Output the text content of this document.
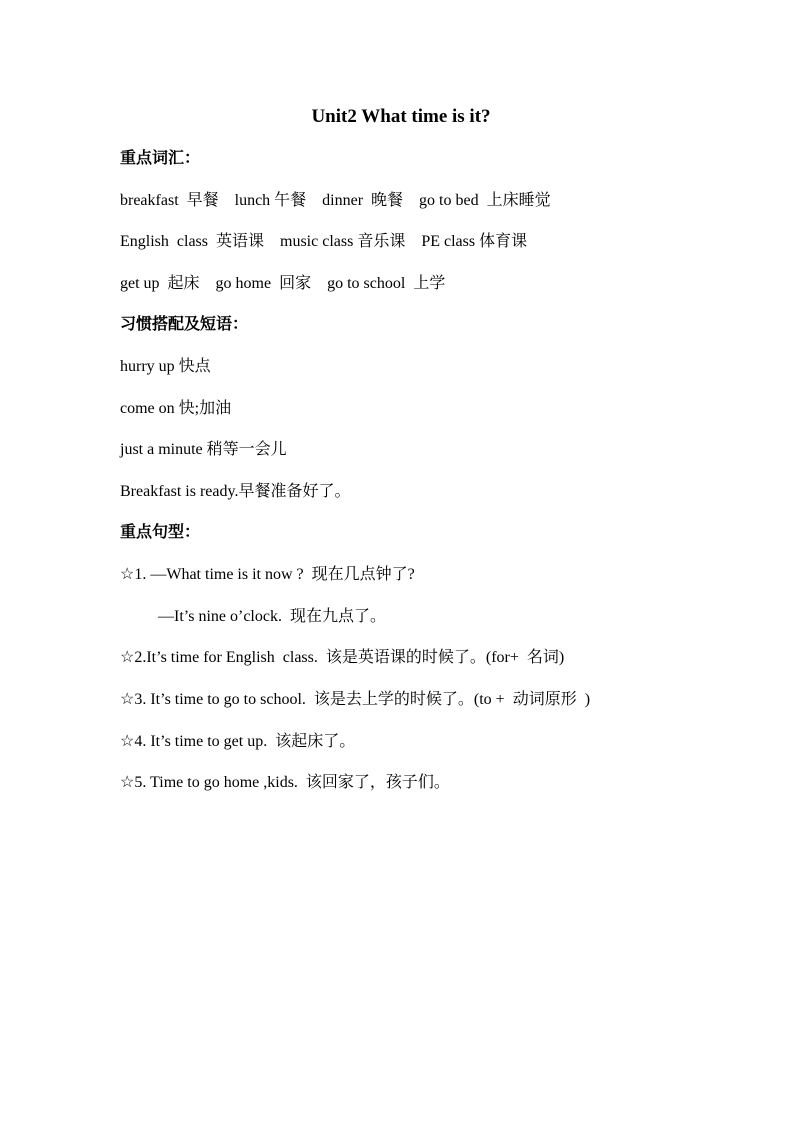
Unit2 What time is it?
重点词汇：
breakfast  早餐    lunch 午餐    dinner  晚餐    go to bed  上床睡觉
English  class  英语课    music class 音乐课    PE class 体育课
get up  起床    go home  回家    go to school  上学
习惯搭配及短语：
hurry up 快点
come on 快;加油
just a minute 稍等一会儿
Breakfast is ready.早餐准备好了。
重点句型：
☆1. —What time is it now ?  现在几点钟了?
—It’s nine o’clock.  现在九点了。
☆2.It’s time for English  class.  该是英语课的时候了。(for+  名词)
☆3. It’s time to go to school.  该是去上学的时候了。(to +  动词原形  )
☆4. It’s time to get up.  该起床了。
☆5. Time to go home ,kids.  该回家了，孩子们。
